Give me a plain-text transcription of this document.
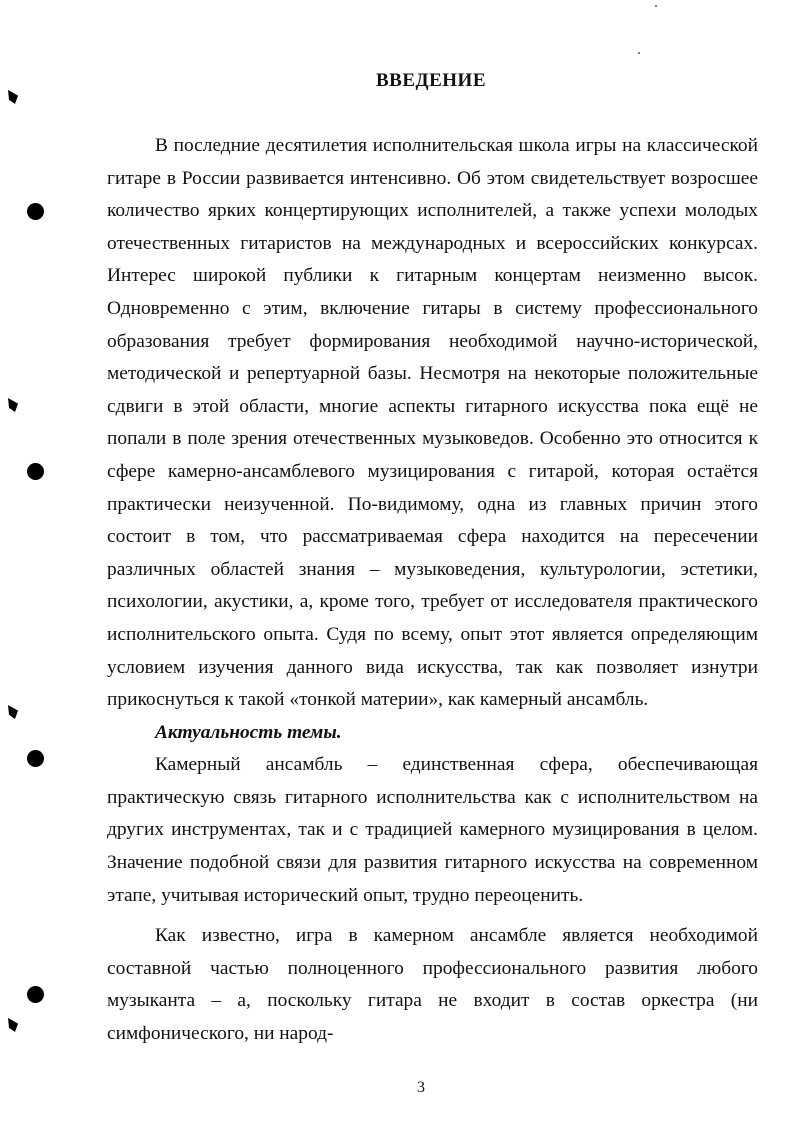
ВВЕДЕНИЕ

В последние десятилетия исполнительская школа игры на классической гитаре в России развивается интенсивно. Об этом свидетельствует возросшее количество ярких концертирующих исполнителей, а также успехи молодых отечественных гитаристов на международных и всероссийских конкурсах. Интерес широкой публики к гитарным концертам неизменно высок. Одновременно с этим, включение гитары в систему профессионального образования требует формирования необходимой научно-исторической, методической и репертуарной базы. Несмотря на некоторые положительные сдвиги в этой области, многие аспекты гитарного искусства пока ещё не попали в поле зрения отечественных музыковедов. Особенно это относится к сфере камерно-ансамблевого музицирования с гитарой, которая остаётся практически неизученной. По-видимому, одна из главных причин этого состоит в том, что рассматриваемая сфера находится на пересечении различных областей знания – музыковедения, культурологии, эстетики, психологии, акустики, а, кроме того, требует от исследователя практического исполнительского опыта. Судя по всему, опыт этот является определяющим условием изучения данного вида искусства, так как позволяет изнутри прикоснуться к такой «тонкой материи», как камерный ансамбль.

Актуальность темы.

Камерный ансамбль – единственная сфера, обеспечивающая практическую связь гитарного исполнительства как с исполнительством на других инструментах, так и с традицией камерного музицирования в целом. Значение подобной связи для развития гитарного искусства на современном этапе, учитывая исторический опыт, трудно переоценить.

Как известно, игра в камерном ансамбле является необходимой составной частью полноценного профессионального развития любого музыканта – а, поскольку гитара не входит в состав оркестра (ни симфонического, ни народ-

3
